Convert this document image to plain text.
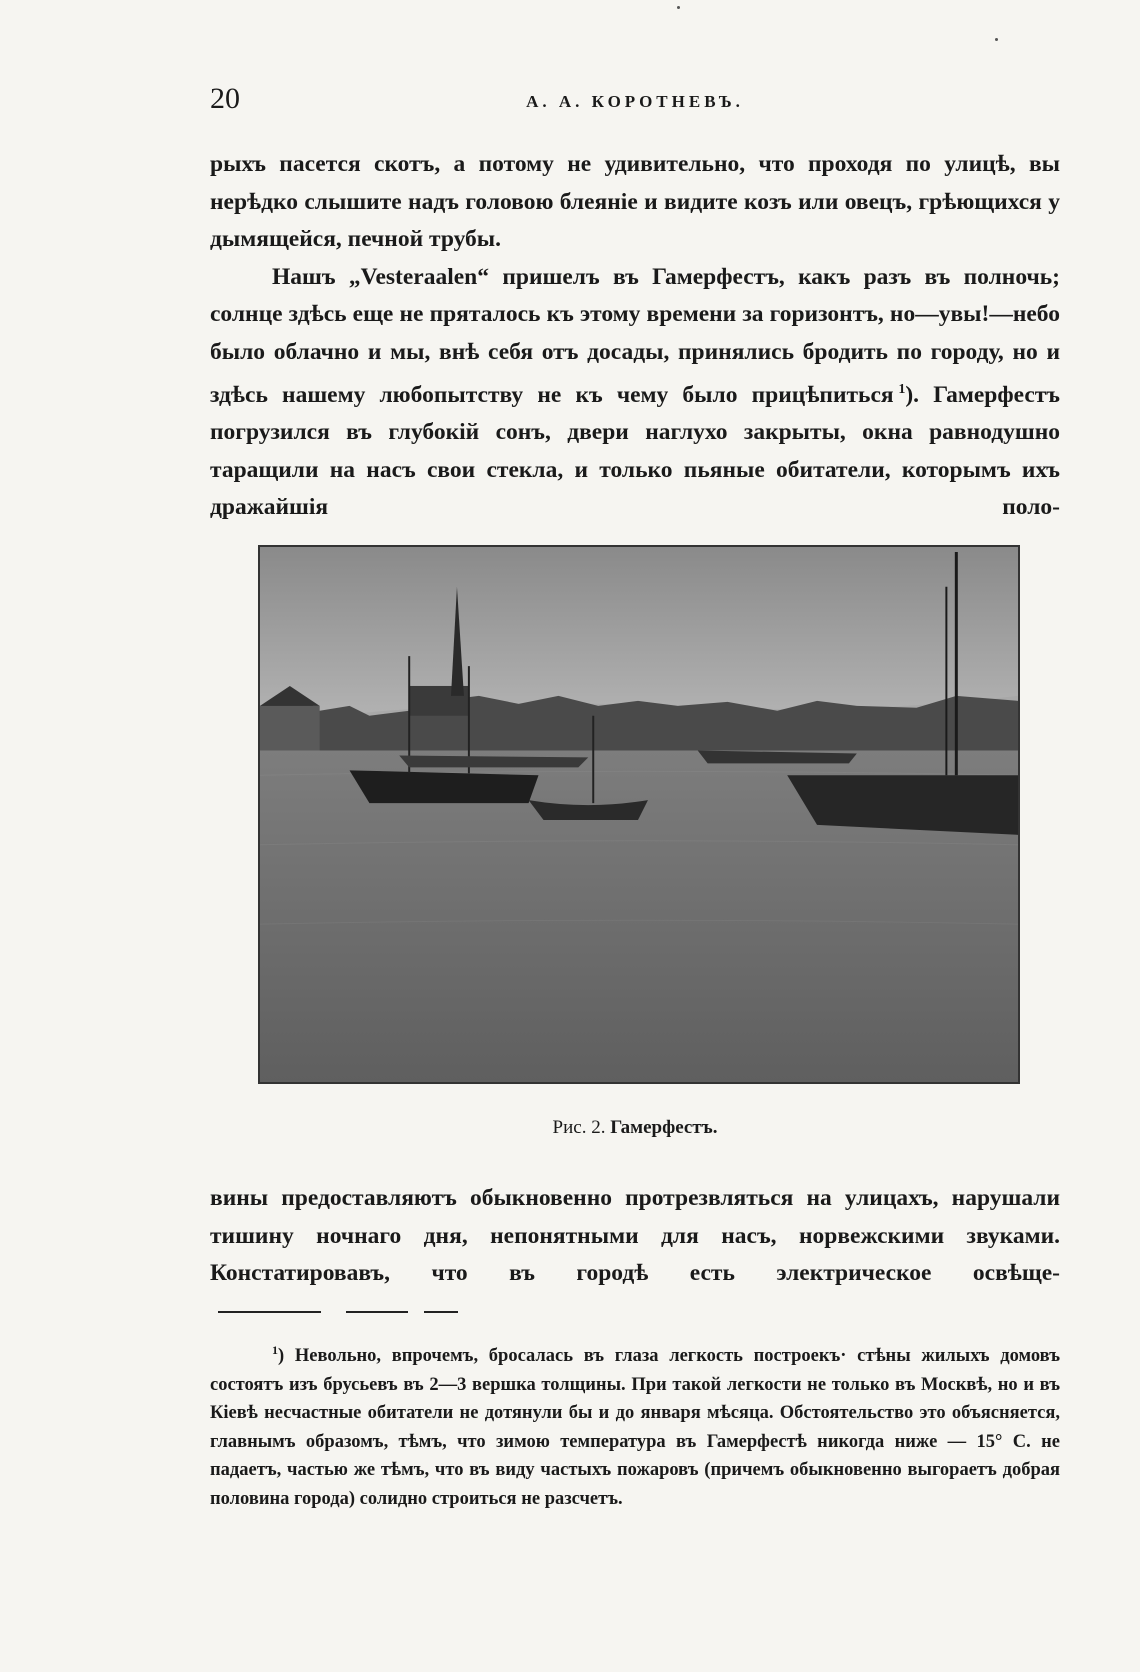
20	А. А. КОРОТНЕВЪ.

рыхъ пасется скотъ, а потому не удивительно, что проходя по улицѣ, вы нерѣдко слышите надъ головою блеяніе и видите козъ или овецъ, грѣющихся у дымящейся, печной трубы.

Нашъ „Vesteraalen“ пришелъ въ Гамерфестъ, какъ разъ въ полночь; солнце здѣсь еще не пряталось къ этому времени за горизонтъ, но—увы!—небо было облачно и мы, внѣ себя отъ досады, принялись бродить по городу, но и здѣсь нашему любопытству не къ чему было прицѣпиться  $^1$). Гамерфестъ погрузился въ глубокій сонъ, двери наглухо закрыты, окна равнодушно таращили на насъ свои стекла, и только пьяные обитатели, которымъ ихъ дражайшія поло-

Рис. 2. Гамерфестъ.

вины предоставляютъ обыкновенно протрезвляться на улицахъ, нарушали тишину ночнаго дня, непонятными для насъ, норвежскими звуками. Констатировавъ, что въ городѣ есть электрическое освѣще-

$^1$) Невольно, впрочемъ, бросалась въ глаза легкость построекъ· стѣны жилыхъ домовъ состоятъ изъ брусьевъ въ 2—3 вершка толщины. При такой легкости не только въ Москвѣ, но и въ Кіевѣ несчастные обитатели не дотянули бы и до января мѣсяца. Обстоятельство это объясняется, главнымъ образомъ, тѣмъ, что зимою температура въ Гамерфестѣ никогда ниже — 15° С. не падаетъ, частью же тѣмъ, что въ виду частыхъ пожаровъ (причемъ обыкновенно выгораетъ добрая половина города) солидно строиться не разсчетъ.
